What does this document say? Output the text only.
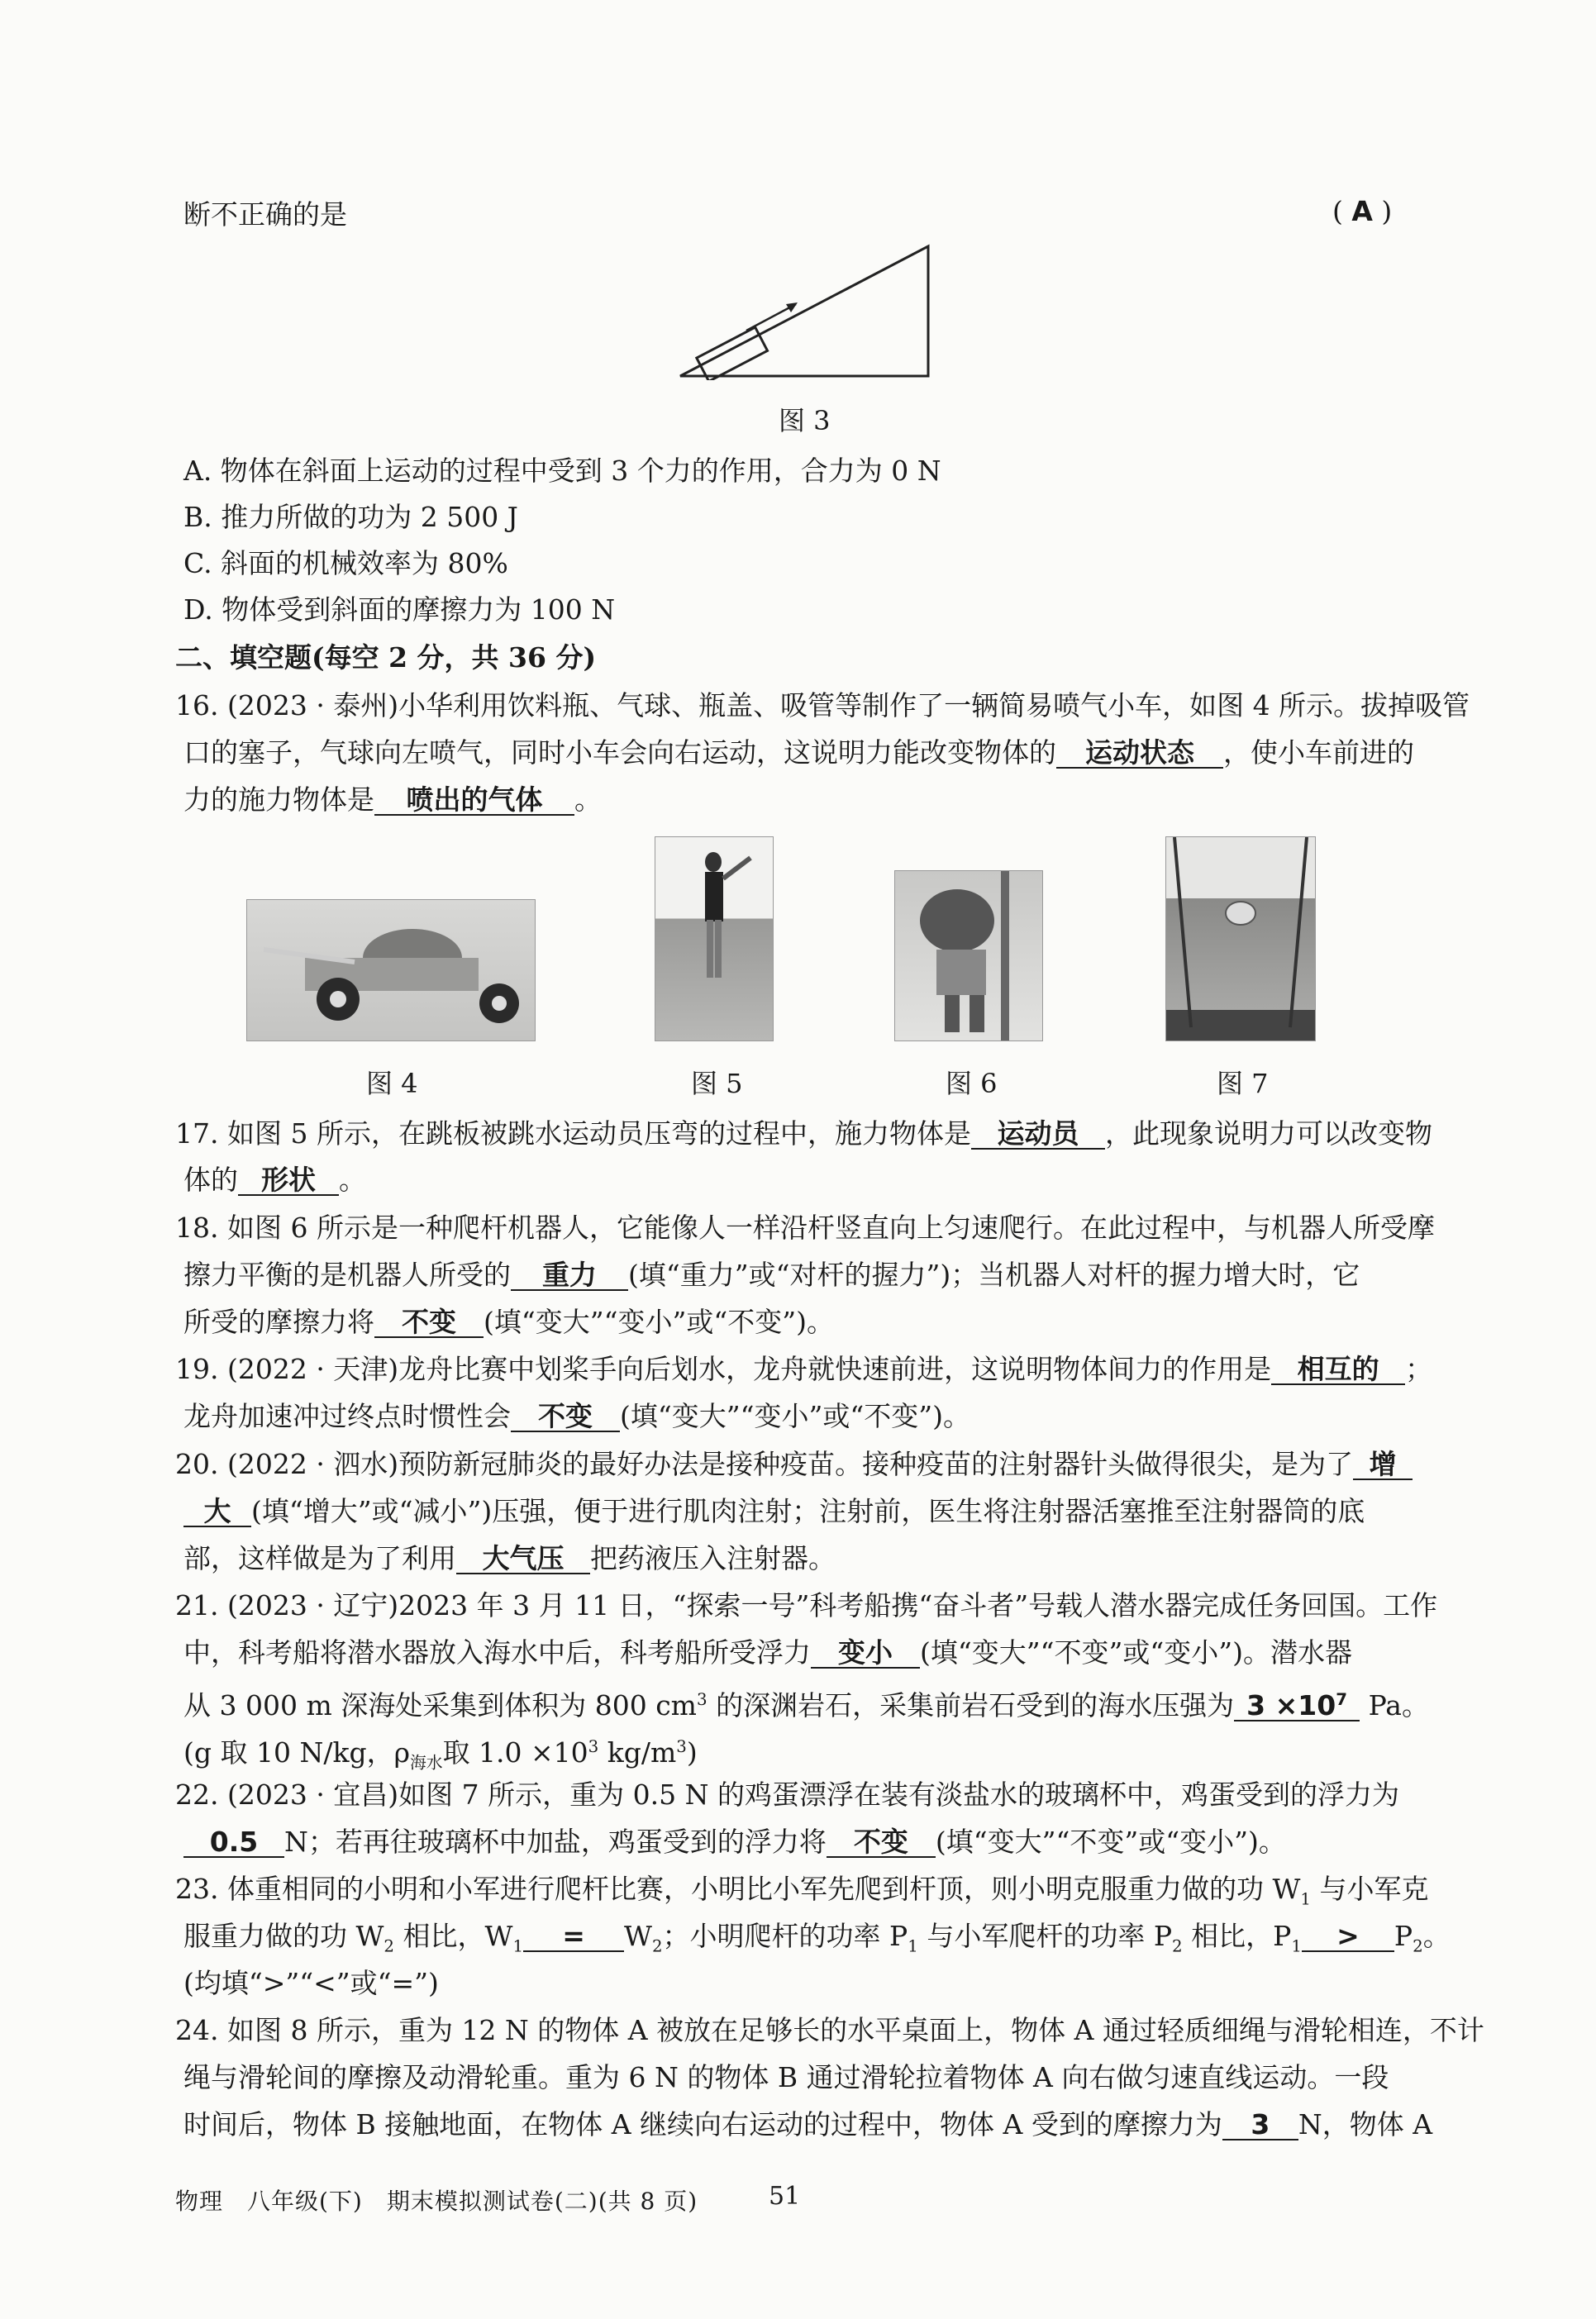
断不正确的是	( A )
图 3
A. 物体在斜面上运动的过程中受到 3 个力的作用，合力为 0 N
B. 推力所做的功为 2 500 J
C. 斜面的机械效率为 80%
D. 物体受到斜面的摩擦力为 100 N
二、填空题(每空 2 分，共 36 分)
16. (2023 · 泰州)小华利用饮料瓶、气球、瓶盖、吸管等制作了一辆简易喷气小车，如图 4 所示。拔掉吸管
口的塞子，气球向左喷气，同时小车会向右运动，这说明力能改变物体的 运动状态 ，使小车前进的
力的施力物体是 喷出的气体 。
图 4	图 5	图 6	图 7
17. 如图 5 所示，在跳板被跳水运动员压弯的过程中，施力物体是 运动员 ，此现象说明力可以改变物
体的 形状 。
18. 如图 6 所示是一种爬杆机器人，它能像人一样沿杆竖直向上匀速爬行。在此过程中，与机器人所受摩
擦力平衡的是机器人所受的 重力 (填“重力”或“对杆的握力”)；当机器人对杆的握力增大时，它
所受的摩擦力将 不变 (填“变大”“变小”或“不变”)。
19. (2022 · 天津)龙舟比赛中划桨手向后划水，龙舟就快速前进，这说明物体间力的作用是 相互的 ；
龙舟加速冲过终点时惯性会 不变 (填“变大”“变小”或“不变”)。
20. (2022 · 泗水)预防新冠肺炎的最好办法是接种疫苗。接种疫苗的注射器针头做得很尖，是为了 增
大 (填“增大”或“减小”)压强，便于进行肌肉注射；注射前，医生将注射器活塞推至注射器筒的底
部，这样做是为了利用 大气压 把药液压入注射器。
21. (2023 · 辽宁)2023 年 3 月 11 日，“探索一号”科考船携“奋斗者”号载人潜水器完成任务回国。工作
中，科考船将潜水器放入海水中后，科考船所受浮力 变小 (填“变大”“不变”或“变小”)。潜水器
从 3 000 m 深海处采集到体积为 800 $cm^3$ 的深渊岩石，采集前岩石受到的海水压强为 $3 \times 10^7$ Pa。
(g 取 10 N/kg，$\rho_{海水}$取 $1.0 \times 10^3$ $kg/m^3$)
22. (2023 · 宜昌)如图 7 所示，重为 0.5 N 的鸡蛋漂浮在装有淡盐水的玻璃杯中，鸡蛋受到的浮力为
0.5 N；若再往玻璃杯中加盐，鸡蛋受到的浮力将 不变 (填“变大”“不变”或“变小”)。
23. 体重相同的小明和小军进行爬杆比赛，小明比小军先爬到杆顶，则小明克服重力做的功 $W_1$ 与小军克
服重力做的功 $W_2$ 相比，$W_1 = W_2$；小明爬杆的功率 $P_1$ 与小军爬杆的功率 $P_2$ 相比，$P_1 > P_2$。
(均填“>”“<”或“=”)
24. 如图 8 所示，重为 12 N 的物体 A 被放在足够长的水平桌面上，物体 A 通过轻质细绳与滑轮相连，不计
绳与滑轮间的摩擦及动滑轮重。重为 6 N 的物体 B 通过滑轮拉着物体 A 向右做匀速直线运动。一段
时间后，物体 B 接触地面，在物体 A 继续向右运动的过程中，物体 A 受到的摩擦力为 3 N，物体 A
物理　八年级(下)　期末模拟测试卷(二)(共 8 页)	51
